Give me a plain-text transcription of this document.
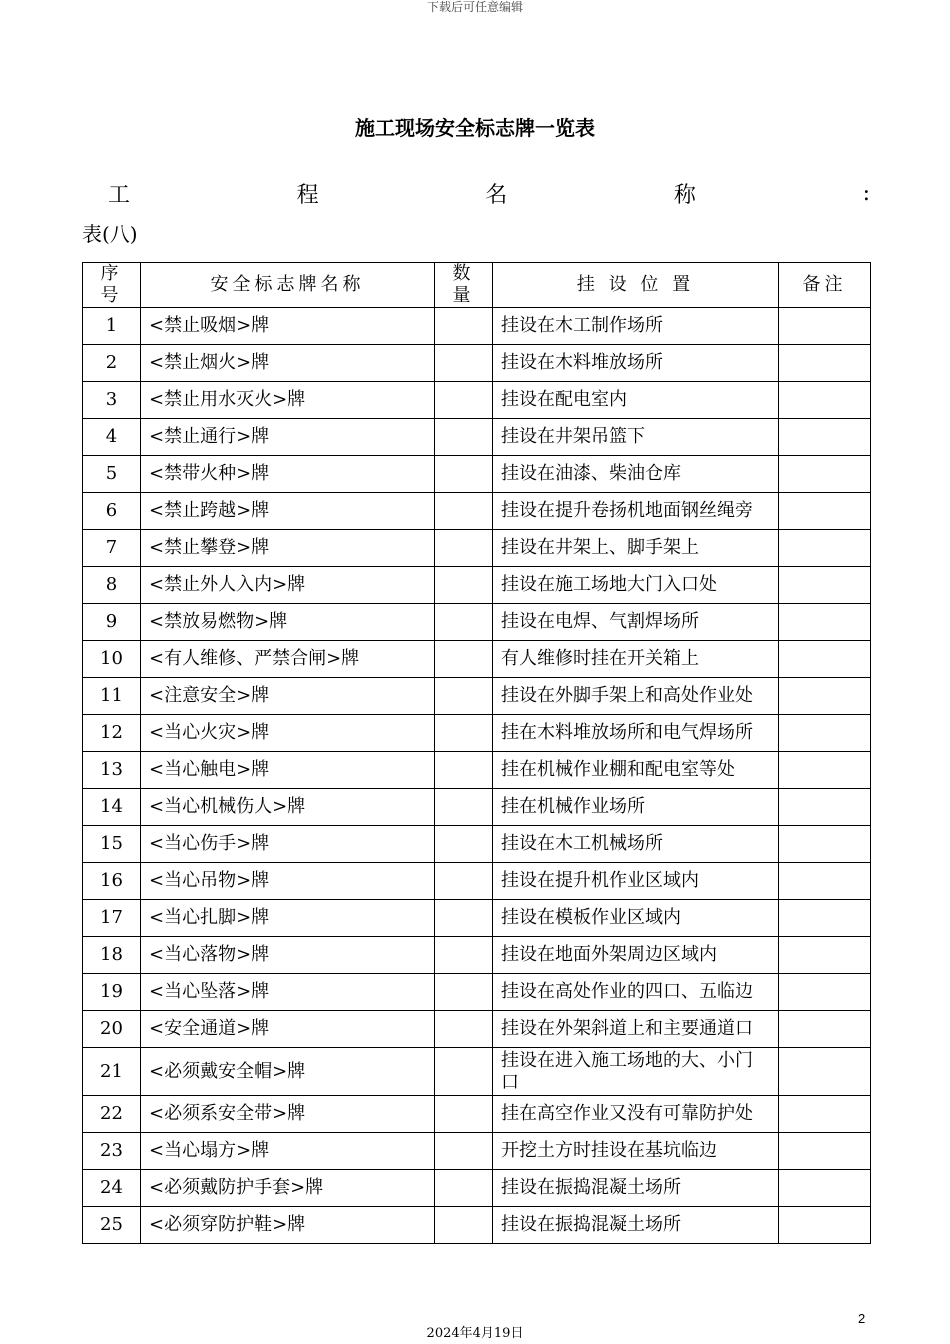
下载后可任意编辑
施工现场安全标志牌一览表
工	程	名	称	:
表(八)
序号	安全标志牌名称	数量	挂 设 位 置	备注
1	<禁止吸烟>牌		挂设在木工制作场所	
2	<禁止烟火>牌		挂设在木料堆放场所	
3	<禁止用水灭火>牌		挂设在配电室内	
4	<禁止通行>牌		挂设在井架吊篮下	
5	<禁带火种>牌		挂设在油漆、柴油仓库	
6	<禁止跨越>牌		挂设在提升卷扬机地面钢丝绳旁	
7	<禁止攀登>牌		挂设在井架上、脚手架上	
8	<禁止外人入内>牌		挂设在施工场地大门入口处	
9	<禁放易燃物>牌		挂设在电焊、气割焊场所	
10	<有人维修、严禁合闸>牌		有人维修时挂在开关箱上	
11	<注意安全>牌		挂设在外脚手架上和高处作业处	
12	<当心火灾>牌		挂在木料堆放场所和电气焊场所	
13	<当心触电>牌		挂在机械作业棚和配电室等处	
14	<当心机械伤人>牌		挂在机械作业场所	
15	<当心伤手>牌		挂设在木工机械场所	
16	<当心吊物>牌		挂设在提升机作业区域内	
17	<当心扎脚>牌		挂设在模板作业区域内	
18	<当心落物>牌		挂设在地面外架周边区域内	
19	<当心坠落>牌		挂设在高处作业的四口、五临边	
20	<安全通道>牌		挂设在外架斜道上和主要通道口	
21	<必须戴安全帽>牌		挂设在进入施工场地的大、小门口	
22	<必须系安全带>牌		挂在高空作业又没有可靠防护处	
23	<当心塌方>牌		开挖土方时挂设在基坑临边	
24	<必须戴防护手套>牌		挂设在振捣混凝土场所	
25	<必须穿防护鞋>牌		挂设在振捣混凝土场所	
2
2024年4月19日
